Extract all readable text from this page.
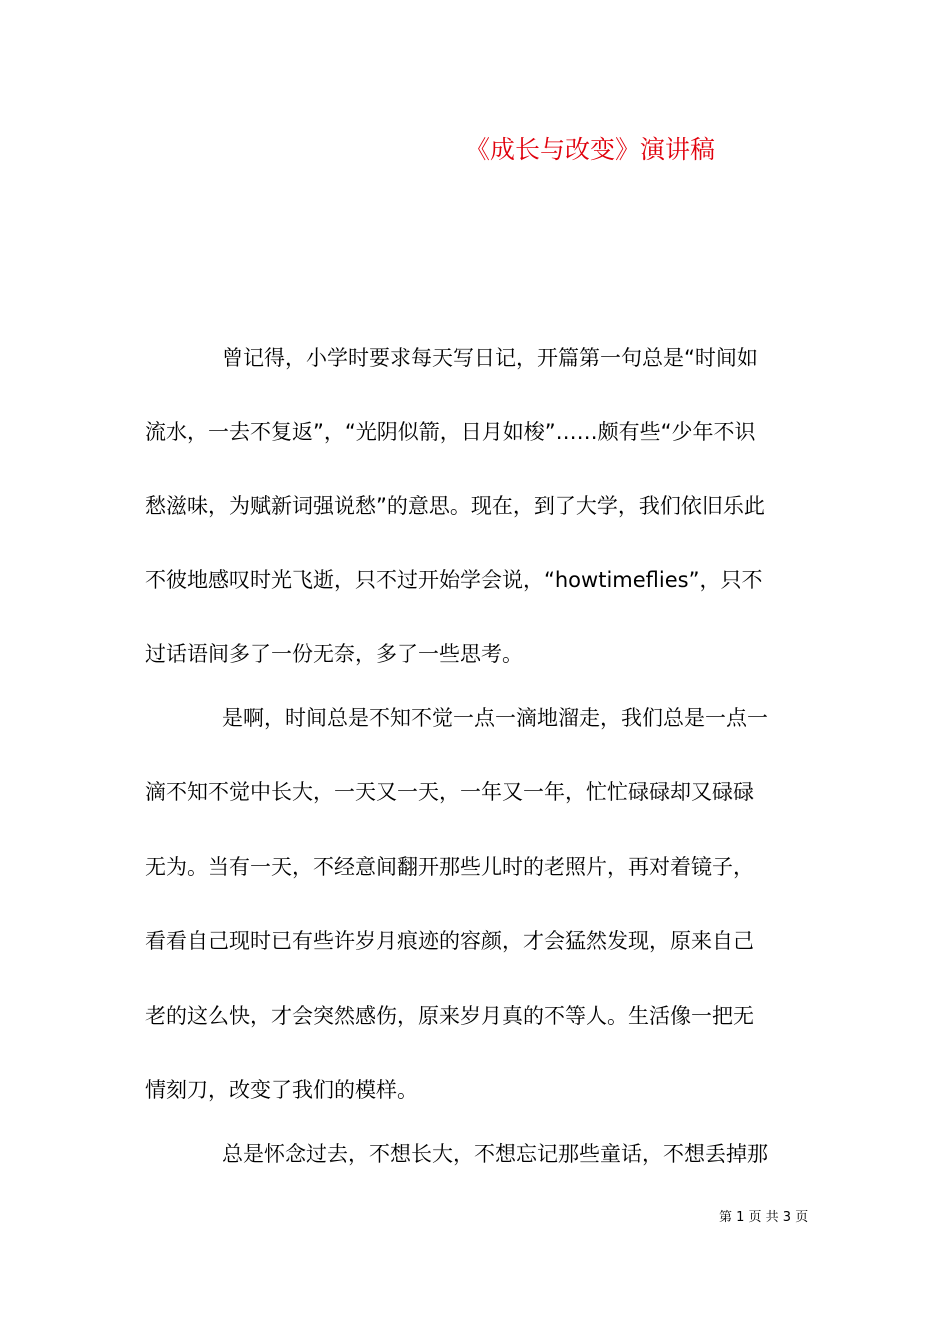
《成长与改变》演讲稿
曾记得，小学时要求每天写日记，开篇第一句总是“时间如
流水，一去不复返”，“光阴似箭，日月如梭”……颇有些“少年不识
愁滋味，为赋新词强说愁”的意思。现在，到了大学，我们依旧乐此
不彼地感叹时光飞逝，只不过开始学会说，“howtimeflies”，只不
过话语间多了一份无奈，多了一些思考。
是啊，时间总是不知不觉一点一滴地溜走，我们总是一点一
滴不知不觉中长大，一天又一天，一年又一年，忙忙碌碌却又碌碌
无为。当有一天，不经意间翻开那些儿时的老照片，再对着镜子，
看看自己现时已有些许岁月痕迹的容颜，才会猛然发现，原来自己
老的这么快，才会突然感伤，原来岁月真的不等人。生活像一把无
情刻刀，改变了我们的模样。
总是怀念过去，不想长大，不想忘记那些童话，不想丢掉那
第 1 页 共 3 页
